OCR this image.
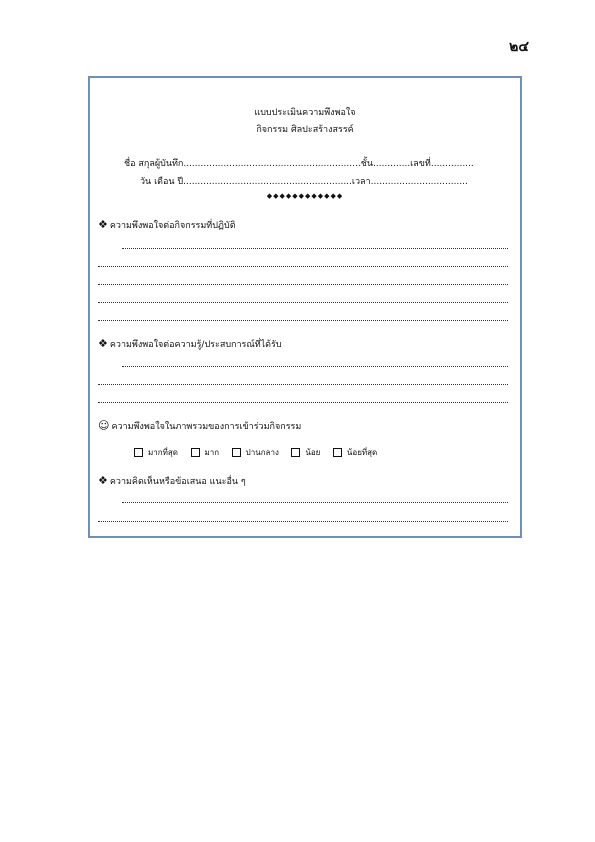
๒๔
แบบประเมินความพึงพอใจ
กิจกรรม ศิลปะสร้างสรรค์
ชื่อ สกุลผู้บันทึก..............................................................ชั้น.............เลขที่...............
วัน เดือน ปี...........................................................เวลา..................................
◆◆◆◆◆◆◆◆◆◆◆◆
❖ ความพึงพอใจต่อกิจกรรมที่ปฏิบัติ
❖ ความพึงพอใจต่อความรู้/ประสบการณ์ที่ได้รับ
☺ ความพึงพอใจในภาพรวมของการเข้าร่วมกิจกรรม
มากที่สุด	มาก	ปานกลาง	น้อย	น้อยที่สุด
❖ ความคิดเห็นหรือข้อเสนอ แนะอื่น ๆ
